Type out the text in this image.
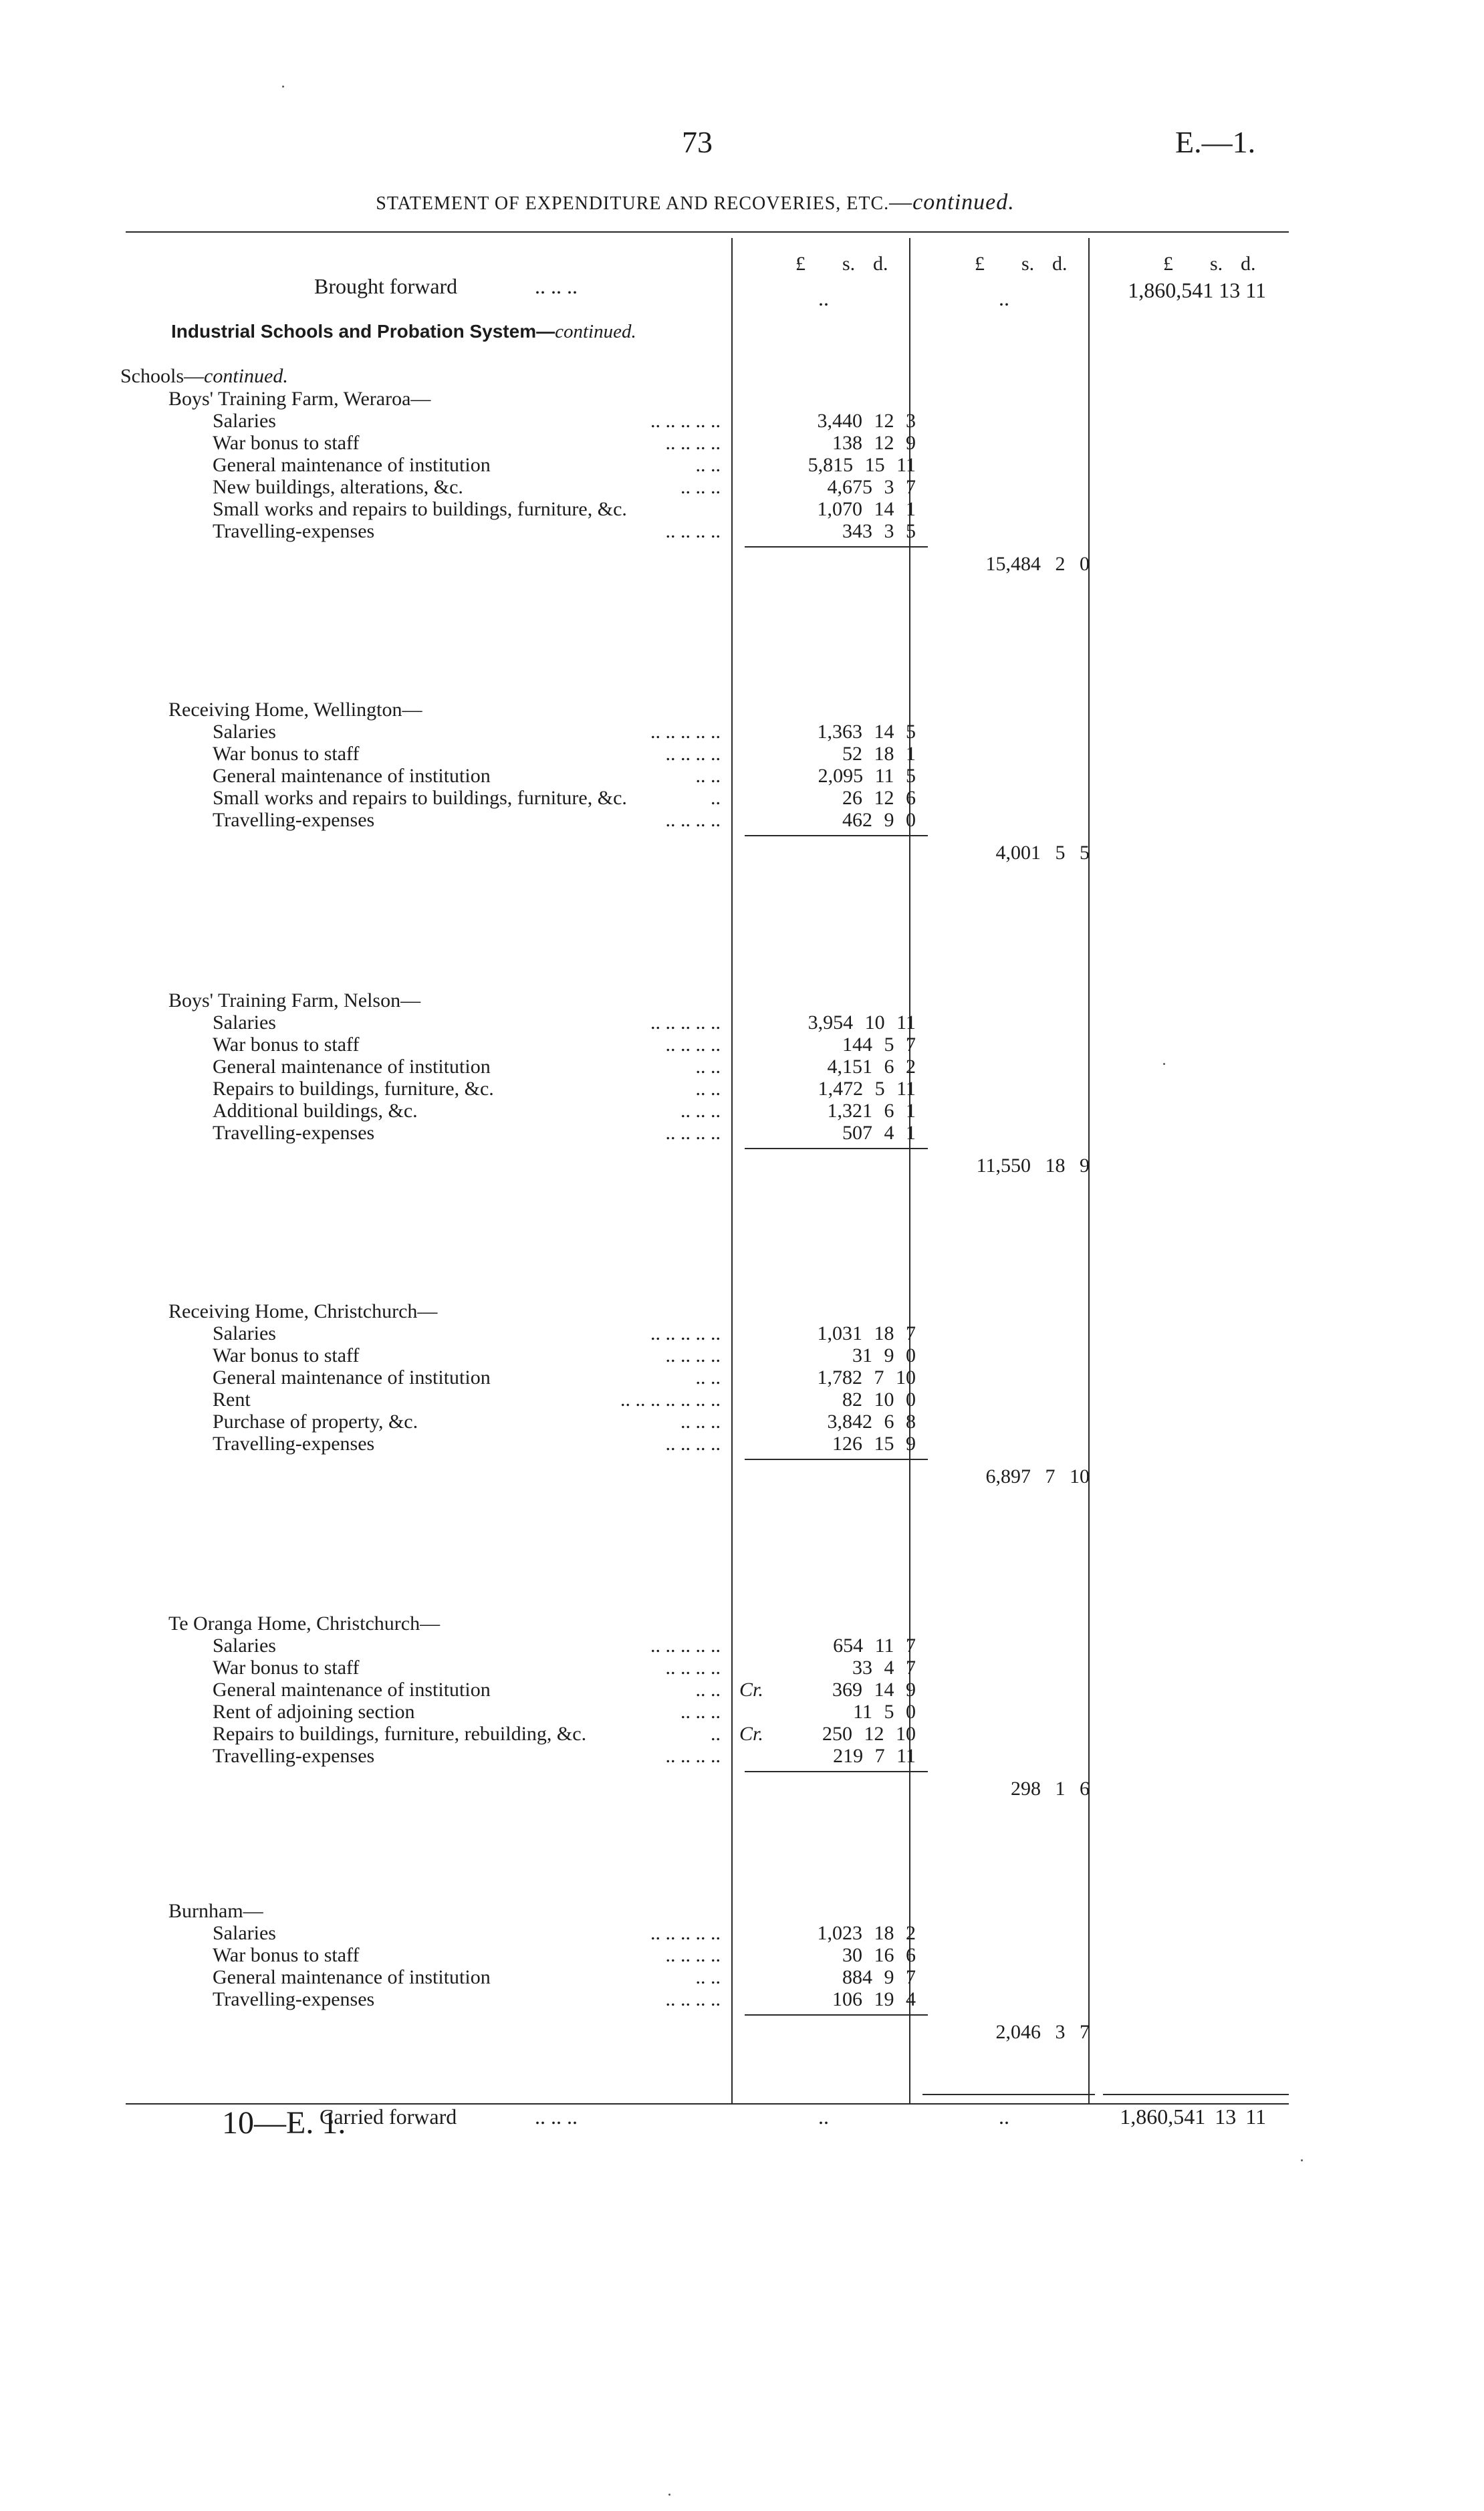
73	E.—1.
STATEMENT OF EXPENDITURE AND RECOVERIES, ETC.—continued.
£ s. d.	£ s. d.	£ s. d.
Brought forward	.. .. ..	..	..	1,860,541 13 11
Industrial Schools and Probation System—continued.
Schools—continued.
Boys' Training Farm, Weraroa—
Salaries	.. .. .. .. ..	3,440 12 3
War bonus to staff	.. .. .. ..	138 12 9
General maintenance of institution	.. ..	5,815 15 11
New buildings, alterations, &c.	.. .. ..	4,675 3 7
Small works and repairs to buildings, furniture, &c.	1,070 14 1
Travelling-expenses	.. .. .. ..	343 3 5
15,484 2 0
Receiving Home, Wellington—
Salaries	.. .. .. .. ..	1,363 14 5
War bonus to staff	.. .. .. ..	52 18 1
General maintenance of institution	.. ..	2,095 11 5
Small works and repairs to buildings, furniture, &c.	..	26 12 6
Travelling-expenses	.. .. .. ..	462 9 0
4,001 5 5
Boys' Training Farm, Nelson—
Salaries	.. .. .. .. ..	3,954 10 11
War bonus to staff	.. .. .. ..	144 5 7
General maintenance of institution	.. ..	4,151 6 2
Repairs to buildings, furniture, &c.	.. ..	1,472 5 11
Additional buildings, &c.	.. .. ..	1,321 6 1
Travelling-expenses	.. .. .. ..	507 4 1
11,550 18 9
Receiving Home, Christchurch—
Salaries	.. .. .. .. ..	1,031 18 7
War bonus to staff	.. .. .. ..	31 9 0
General maintenance of institution	.. ..	1,782 7 10
Rent	.. .. .. .. .. .. ..	82 10 0
Purchase of property, &c.	.. .. ..	3,842 6 8
Travelling-expenses	.. .. .. ..	126 15 9
6,897 7 10
Te Oranga Home, Christchurch—
Salaries	.. .. .. .. ..	654 11 7
War bonus to staff	.. .. .. ..	33 4 7
General maintenance of institution	.. .. Cr.	369 14 9
Rent of adjoining section	.. .. ..	11 5 0
Repairs to buildings, furniture, rebuilding, &c.	.. Cr.	250 12 10
Travelling-expenses	.. .. .. ..	219 7 11
298 1 6
Burnham—
Salaries	.. .. .. .. ..	1,023 18 2
War bonus to staff	.. .. .. ..	30 16 6
General maintenance of institution	.. ..	884 9 7
Travelling-expenses	.. .. .. ..	106 19 4
2,046 3 7
Carried forward	.. .. ..	..	..	1,860,541 13 11
10—E. 1.
